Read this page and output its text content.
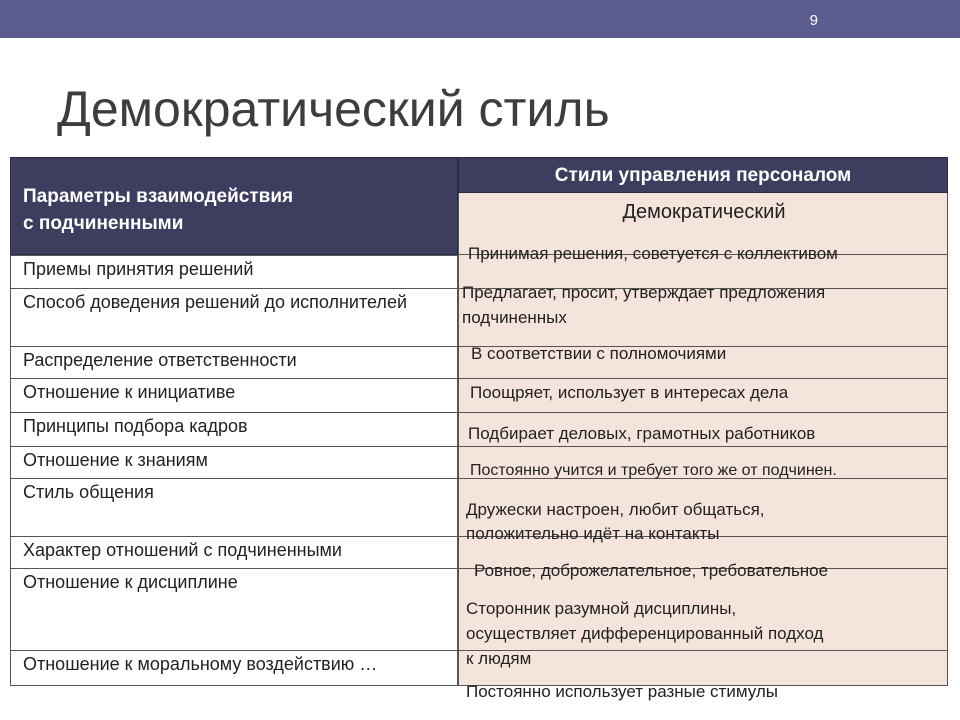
9
Демократический стиль
Параметры взаимодействия
с подчиненными
Стили управления персоналом
Демократический
Приемы принятия решений
Способ доведения решений до исполнителей
Распределение ответственности
Отношение к инициативе
Принципы подбора кадров
Отношение к знаниям
Стиль общения
Характер отношений с подчиненными
Отношение к дисциплине
Отношение к моральному воздействию …
Принимая решения, советуется с коллективом
Предлагает, просит, утверждает предложения
подчиненных
В соответствии с полномочиями
Поощряет, использует в интересах дела
Подбирает деловых, грамотных работников
Постоянно учится и требует того же от подчинен.
Дружески настроен, любит общаться,
положительно идёт на контакты
Ровное, доброжелательное, требовательное
Сторонник разумной дисциплины,
осуществляет дифференцированный подход
к людям
Постоянно использует разные стимулы
